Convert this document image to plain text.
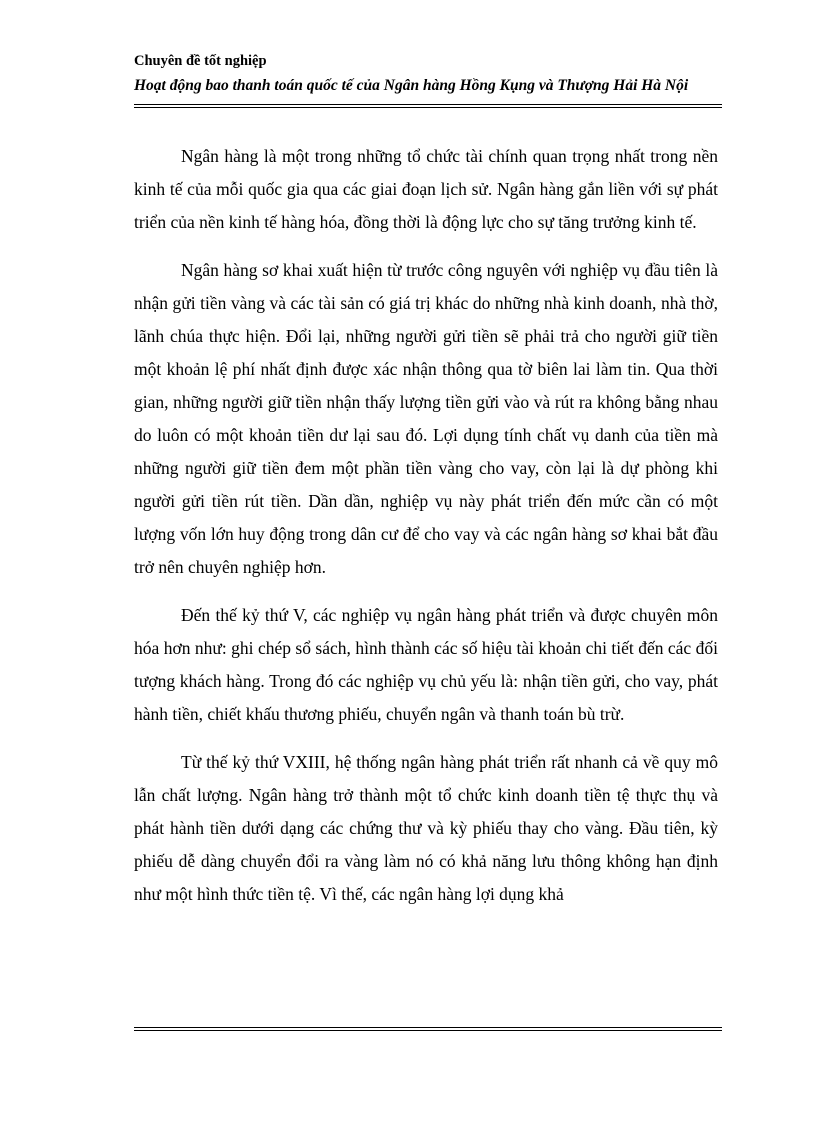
Chuyên đề tốt nghiệp
Hoạt động bao thanh toán quốc tế của Ngân hàng Hồng Kụng và Thượng Hải Hà Nội

Ngân hàng là một trong những tổ chức tài chính quan trọng nhất trong nền kinh tế của mỗi quốc gia qua các giai đoạn lịch sử. Ngân hàng gắn liền với sự phát triển của nền kinh tế hàng hóa, đồng thời là động lực cho sự tăng trưởng kinh tế.

Ngân hàng sơ khai xuất hiện từ trước công nguyên với nghiệp vụ đầu tiên là nhận gửi tiền vàng và các tài sản có giá trị khác do những nhà kinh doanh, nhà thờ, lãnh chúa thực hiện. Đổi lại, những người gửi tiền sẽ phải trả cho người giữ tiền một khoản lệ phí nhất định được xác nhận thông qua tờ biên lai làm tin. Qua thời gian, những người giữ tiền nhận thấy lượng tiền gửi vào và rút ra không bằng nhau do luôn có một khoản tiền dư lại sau đó. Lợi dụng tính chất vụ danh của tiền mà những người giữ tiền đem một phần tiền vàng cho vay, còn lại là dự phòng khi người gửi tiền rút tiền. Dần dần, nghiệp vụ này phát triển đến mức cần có một lượng vốn lớn huy động trong dân cư để cho vay và các ngân hàng sơ khai bắt đầu trở nên chuyên nghiệp hơn.

Đến thế kỷ thứ V, các nghiệp vụ ngân hàng phát triển và được chuyên môn hóa hơn như: ghi chép sổ sách, hình thành các số hiệu tài khoản chi tiết đến các đối tượng khách hàng. Trong đó các nghiệp vụ chủ yếu là: nhận tiền gửi, cho vay, phát hành tiền, chiết khấu thương phiếu, chuyển ngân và thanh toán bù trừ.

Từ thế kỷ thứ VXIII, hệ thống ngân hàng phát triển rất nhanh cả về quy mô lẫn chất lượng. Ngân hàng trở thành một tổ chức kinh doanh tiền tệ thực thụ và phát hành tiền dưới dạng các chứng thư và kỳ phiếu thay cho vàng. Đầu tiên, kỳ phiếu dễ dàng chuyển đổi ra vàng làm nó có khả năng lưu thông không hạn định như một hình thức tiền tệ. Vì thế, các ngân hàng lợi dụng khả
